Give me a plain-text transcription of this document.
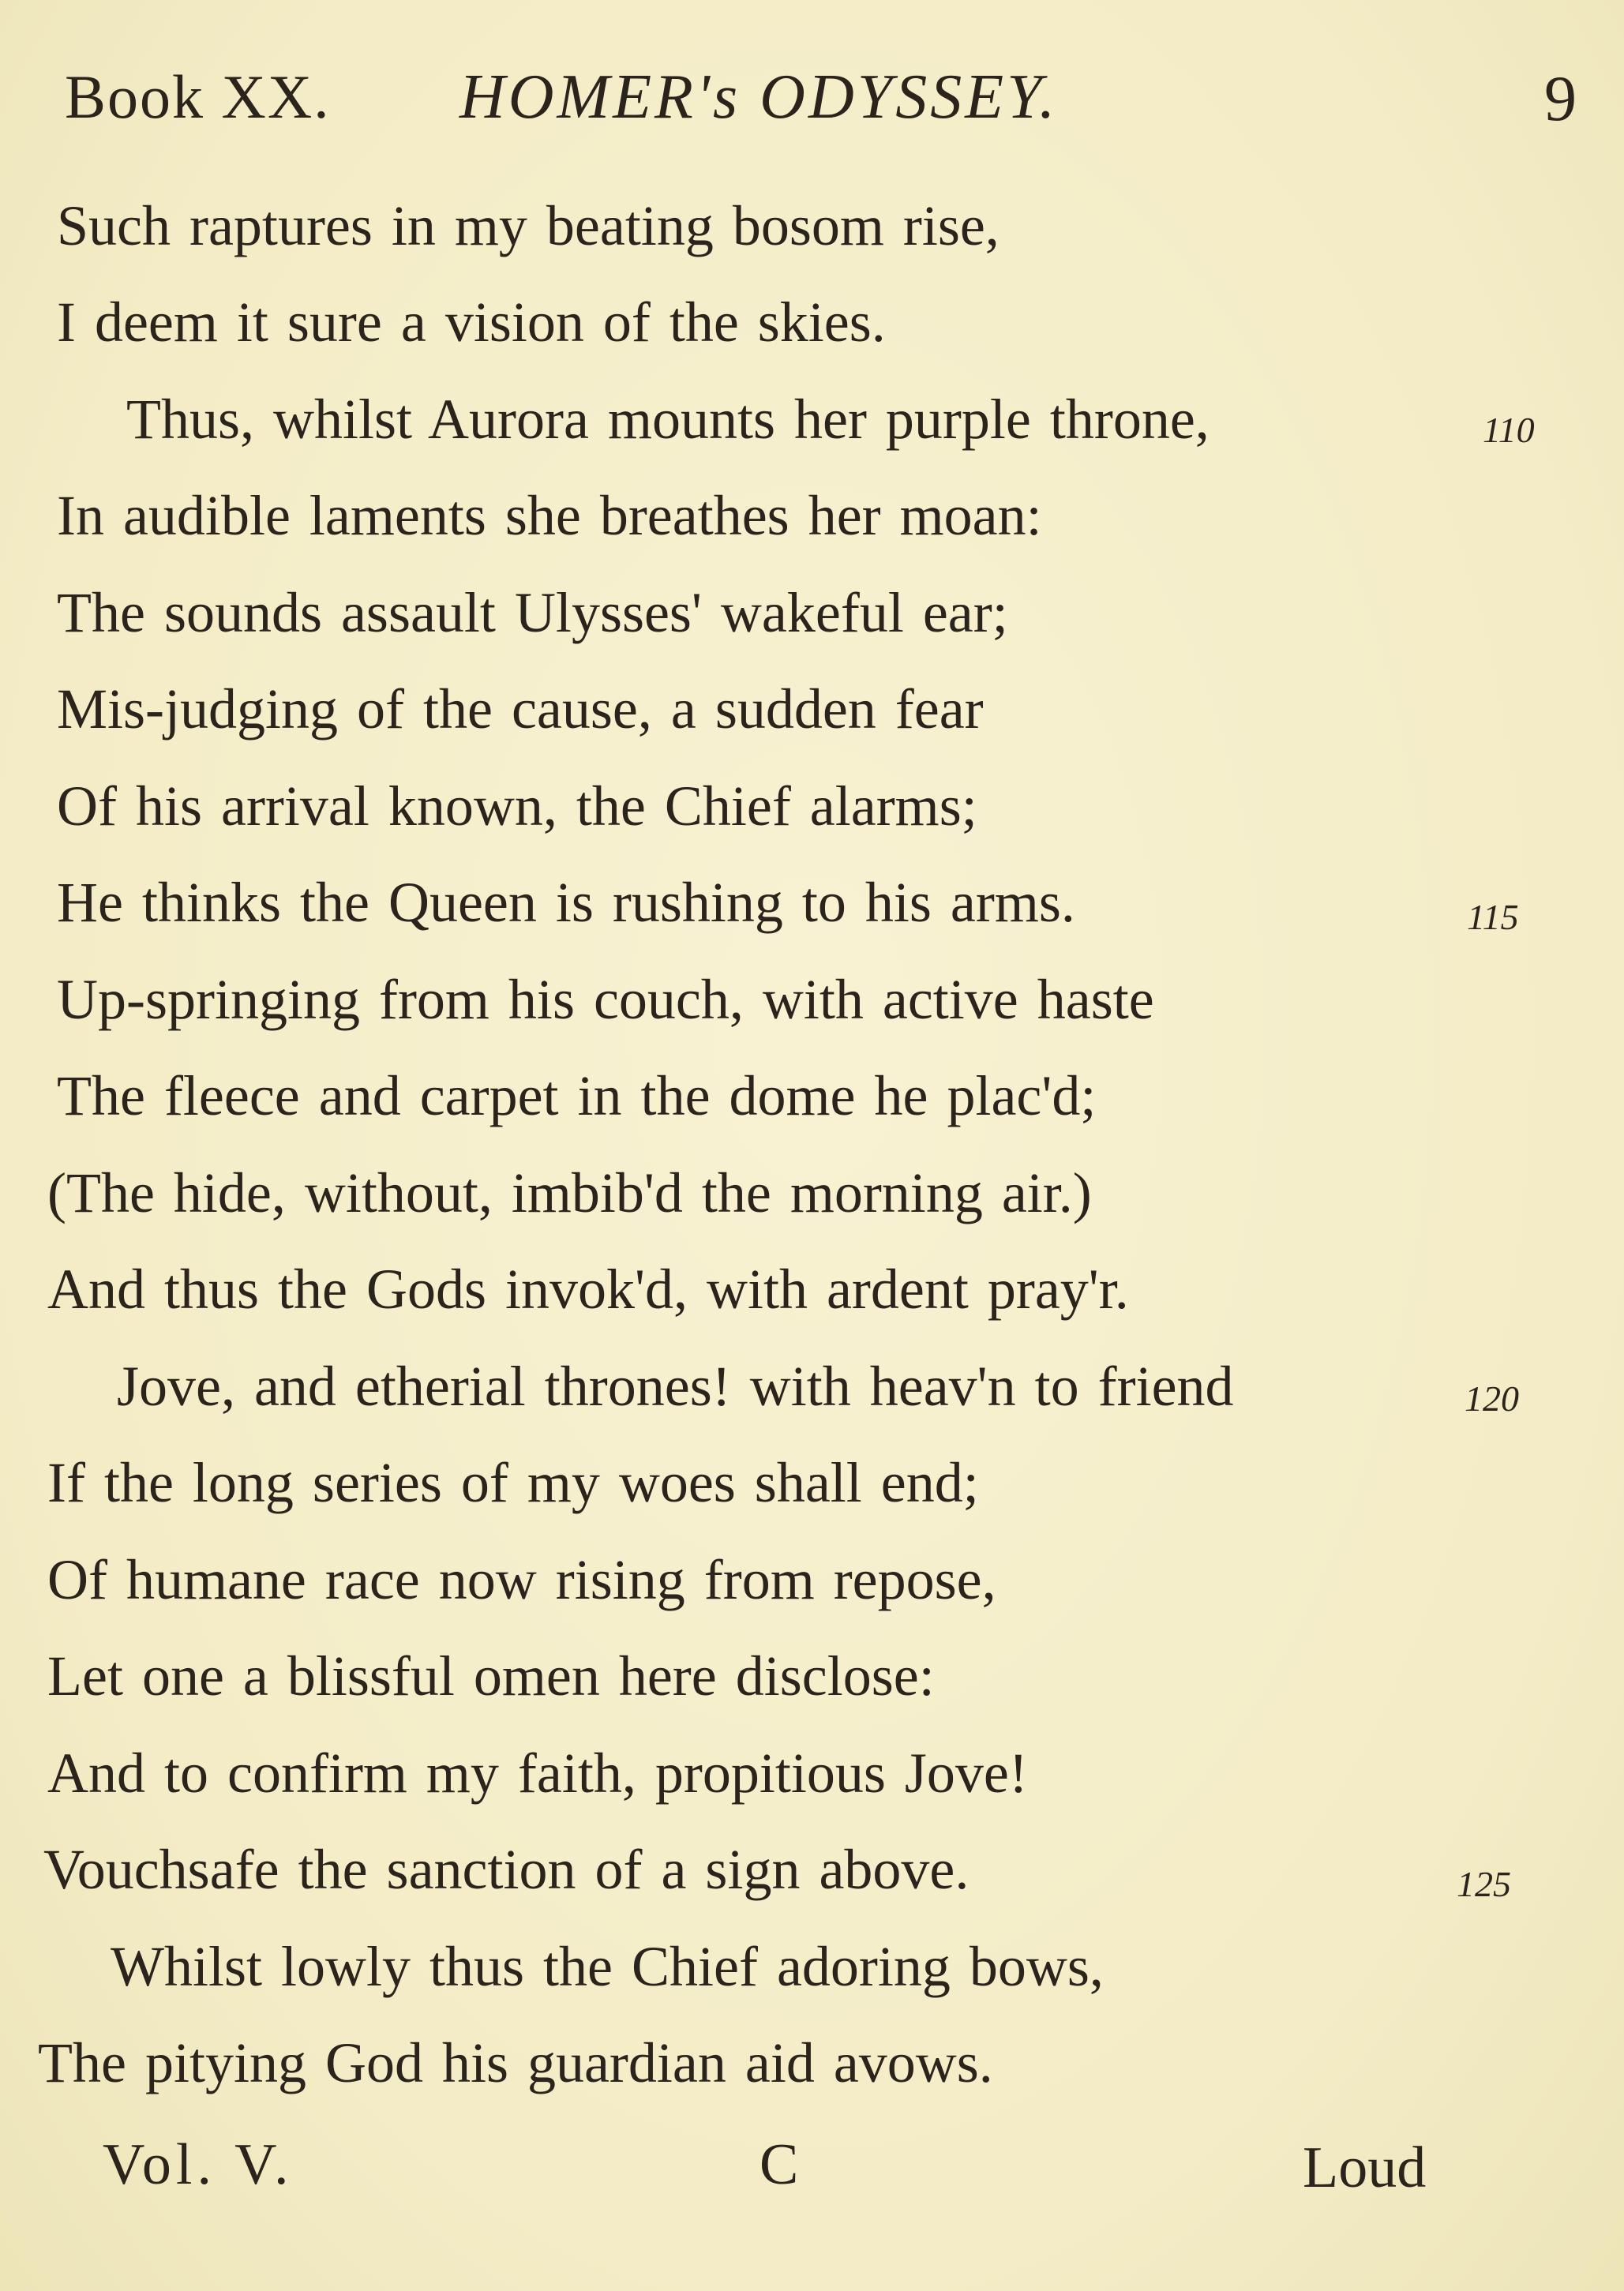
Book XX. HOMER's ODYSSEY.	9
Such raptures in my beating bosom rise,
I deem it sure a vision of the skies.
Thus, whilst Aurora mounts her purple throne,	110
In audible laments she breathes her moan:
The sounds assault Ulysses' wakeful ear;
Mis-judging of the cause, a sudden fear
Of his arrival known, the Chief alarms;
He thinks the Queen is rushing to his arms.	115
Up-springing from his couch, with active haste
The fleece and carpet in the dome he plac'd;
(The hide, without, imbib'd the morning air.)
And thus the Gods invok'd, with ardent pray'r.
Jove, and etherial thrones! with heav'n to friend	120
If the long series of my woes shall end;
Of humane race now rising from repose,
Let one a blissful omen here disclose:
And to confirm my faith, propitious Jove!
Vouchsafe the sanction of a sign above.	125
Whilst lowly thus the Chief adoring bows,
The pitying God his guardian aid avows.
Vol. V.	C	Loud
